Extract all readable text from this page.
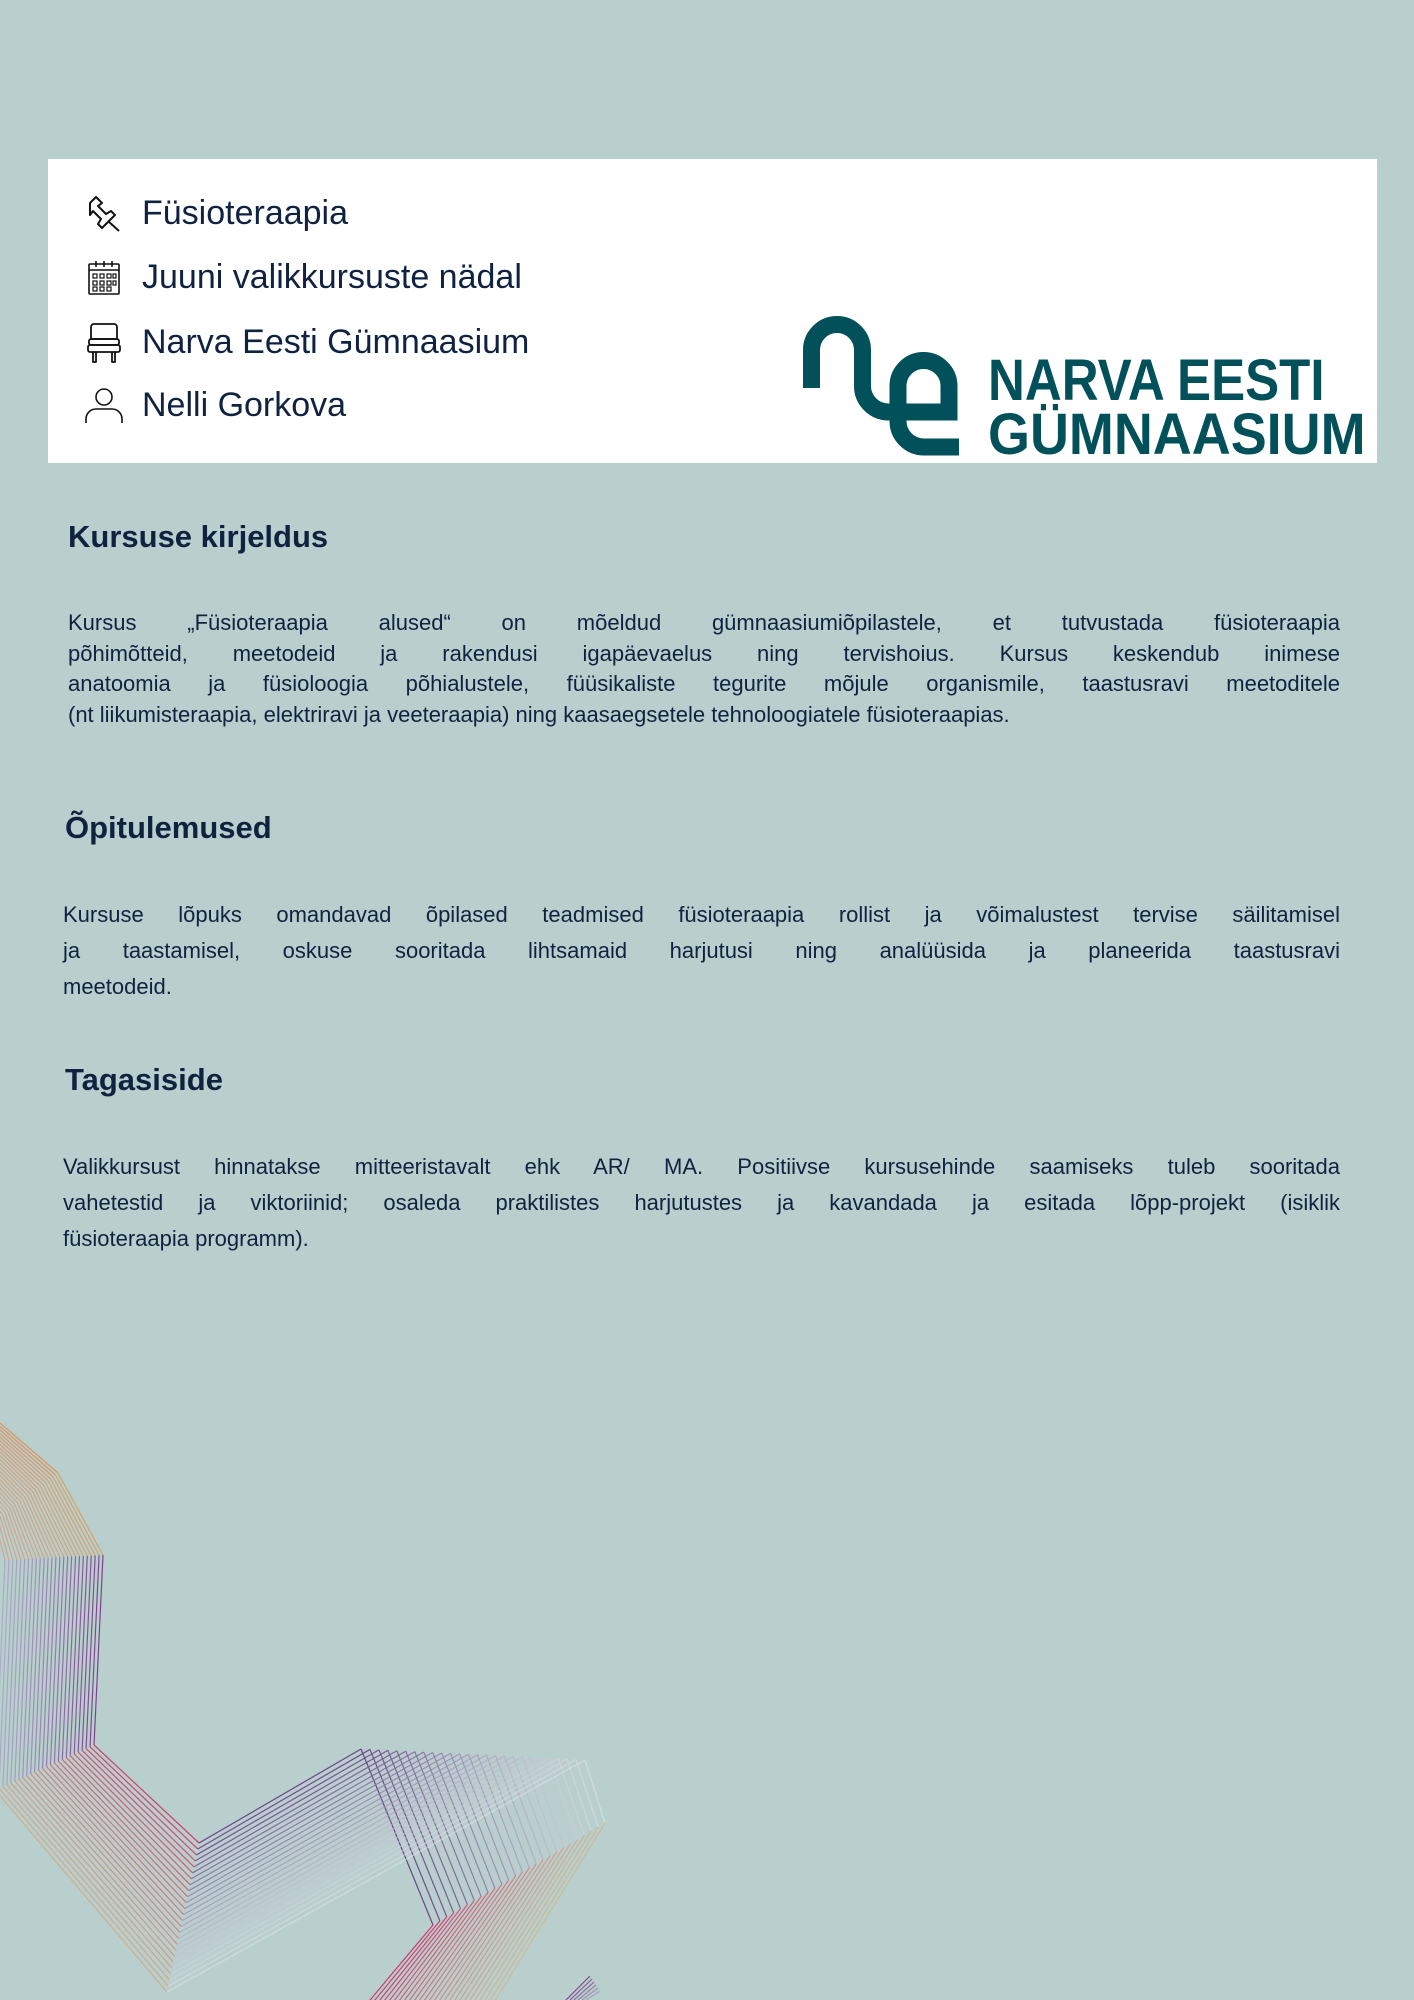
Füsioteraapia
Juuni valikkursuste nädal
Narva Eesti Gümnaasium
Nelli Gorkova	NARVA EESTI
GÜMNAASIUM
Kursuse kirjeldus
Kursus „Füsioteraapia alused“ on mõeldud gümnaasiumiõpilastele, et tutvustada füsioteraapia
põhimõtteid, meetodeid ja rakendusi igapäevaelus ning tervishoius. Kursus keskendub inimese
anatoomia ja füsioloogia põhialustele, füüsikaliste tegurite mõjule organismile, taastusravi meetoditele
(nt liikumisteraapia, elektriravi ja veeteraapia) ning kaasaegsetele tehnoloogiatele füsioteraapias.
Õpitulemused
Kursuse lõpuks omandavad õpilased teadmised füsioteraapia rollist ja võimalustest tervise säilitamisel
ja taastamisel, oskuse sooritada lihtsamaid harjutusi ning analüüsida ja planeerida taastusravi
meetodeid.
Tagasiside
Valikkursust hinnatakse mitteeristavalt ehk AR/ MA. Positiivse kursusehinde saamiseks tuleb sooritada
vahetestid ja viktoriinid; osaleda praktilistes harjutustes ja kavandada ja esitada lõpp-projekt (isiklik
füsioteraapia programm).
